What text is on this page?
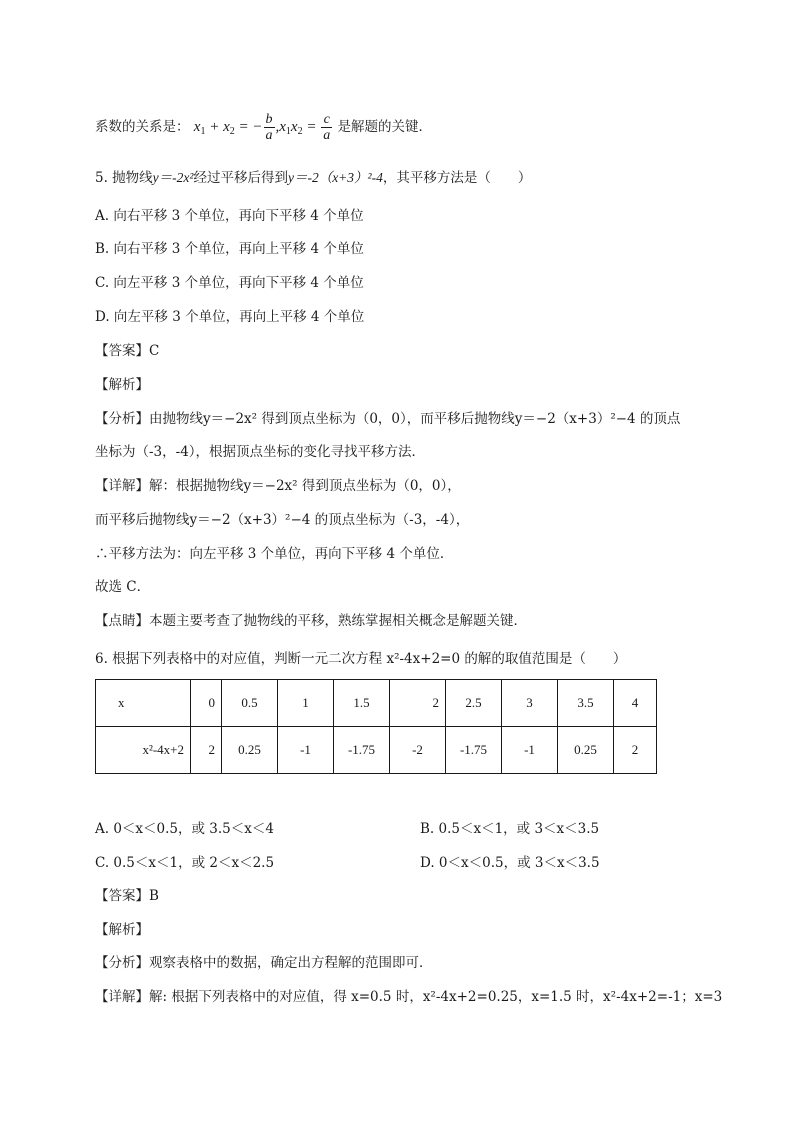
系数的关系是： $x_1 + x_2$ = − $\frac{b}{a} ,x_1x_2 = \frac{c}{a}$ 是解题的关键．
5. 抛物线y＝-2x²经过平移后得到y＝-2（x+3）²-4，其平移方法是（　　）
A. 向右平移 3 个单位，再向下平移 4 个单位
B. 向右平移 3 个单位，再向上平移 4 个单位
C. 向左平移 3 个单位，再向下平移 4 个单位
D. 向左平移 3 个单位，再向上平移 4 个单位
【答案】C
【解析】
【分析】由抛物线y＝−2x² 得到顶点坐标为（0，0），而平移后抛物线y＝−2（x+3）²−4 的顶点
坐标为（-3，-4），根据顶点坐标的变化寻找平移方法．
【详解】解：根据抛物线y＝−2x² 得到顶点坐标为（0，0），
而平移后抛物线y＝−2（x+3）²−4 的顶点坐标为（-3，-4），
∴平移方法为：向左平移 3 个单位，再向下平移 4 个单位．
故选 C．
【点睛】本题主要考查了抛物线的平移，熟练掌握相关概念是解题关键．
6. 根据下列表格中的对应值，判断一元二次方程 x²-4x+2=0 的解的取值范围是（　　）
x	0	0.5	1	1.5	2	2.5	3	3.5	4
x²-4x+2	2	0.25	-1	-1.75	-2	-1.75	-1	0.25	2
A. 0＜x＜0.5，或 3.5＜x＜4	B. 0.5＜x＜1，或 3＜x＜3.5
C. 0.5＜x＜1，或 2＜x＜2.5	D. 0＜x＜0.5，或 3＜x＜3.5
【答案】B
【解析】
【分析】观察表格中的数据，确定出方程解的范围即可．
【详解】解: 根据下列表格中的对应值，得 x=0.5 时，x²-4x+2=0.25，x=1.5 时，x²-4x+2=-1；x=3
